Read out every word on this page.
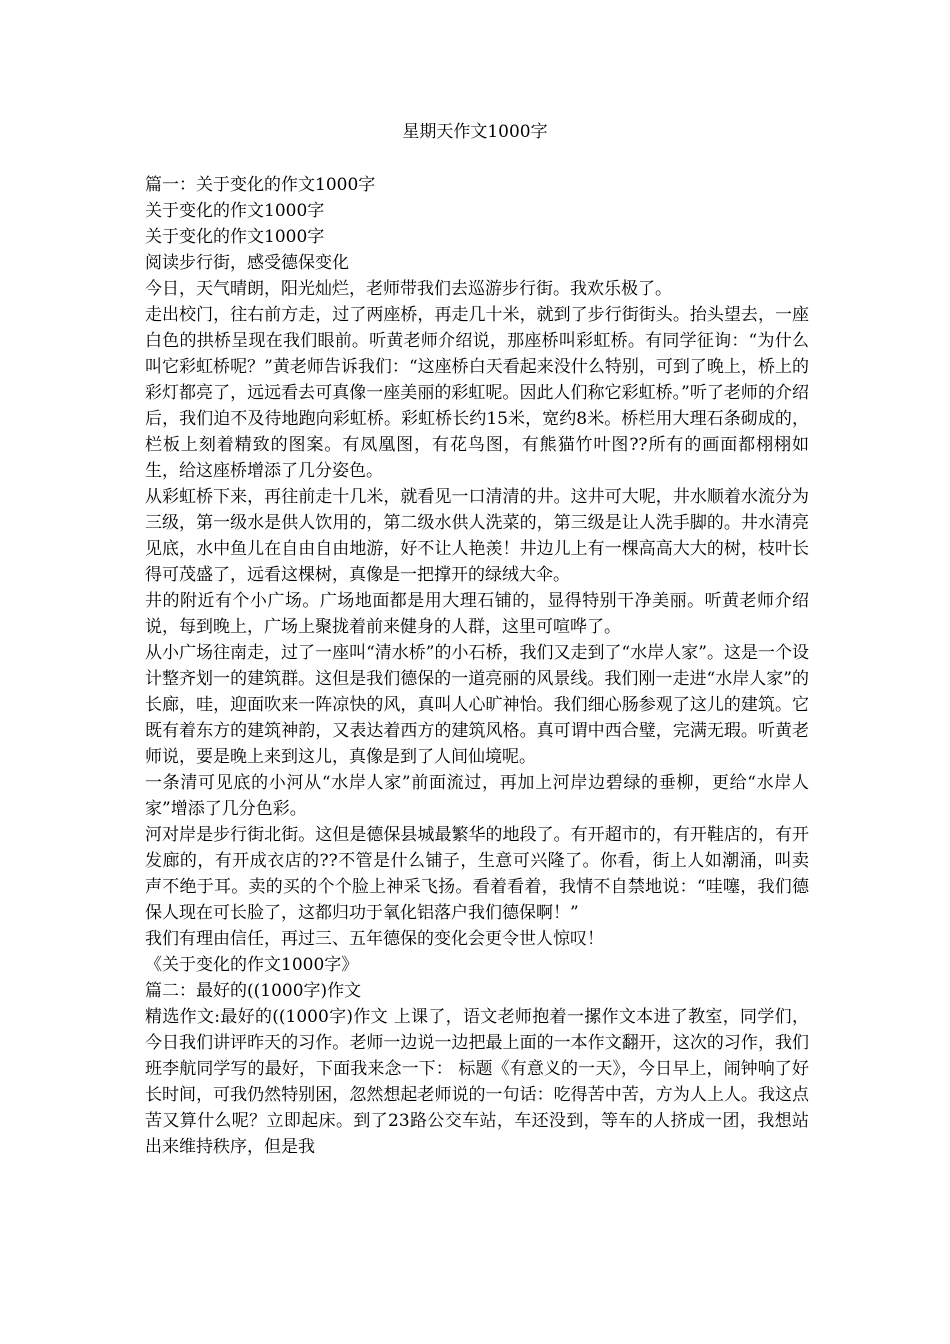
星期天作文1000字

篇一：关于变化的作文1000字

关于变化的作文1000字

关于变化的作文1000字

阅读步行街，感受德保变化

今日，天气晴朗，阳光灿烂，老师带我们去巡游步行街。我欢乐极了。

走出校门，往右前方走，过了两座桥，再走几十米，就到了步行街街头。抬头望去，一座白色的拱桥呈现在我们眼前。听黄老师介绍说，那座桥叫彩虹桥。有同学征询：“为什么叫它彩虹桥呢？”黄老师告诉我们：“这座桥白天看起来没什么特别，可到了晚上，桥上的彩灯都亮了，远远看去可真像一座美丽的彩虹呢。因此人们称它彩虹桥。”听了老师的介绍后，我们迫不及待地跑向彩虹桥。彩虹桥长约15米，宽约8米。桥栏用大理石条砌成的，栏板上刻着精致的图案。有凤凰图，有花鸟图，有熊猫竹叶图??所有的画面都栩栩如生，给这座桥增添了几分姿色。

从彩虹桥下来，再往前走十几米，就看见一口清清的井。这井可大呢，井水顺着水流分为三级，第一级水是供人饮用的，第二级水供人洗菜的，第三级是让人洗手脚的。井水清亮见底，水中鱼儿在自由自由地游，好不让人艳羡！井边儿上有一棵高高大大的树，枝叶长得可茂盛了，远看这棵树，真像是一把撑开的绿绒大伞。

井的附近有个小广场。广场地面都是用大理石铺的，显得特别干净美丽。听黄老师介绍说，每到晚上，广场上聚拢着前来健身的人群，这里可喧哗了。

从小广场往南走，过了一座叫“清水桥”的小石桥，我们又走到了“水岸人家”。这是一个设计整齐划一的建筑群。这但是我们德保的一道亮丽的风景线。我们刚一走进“水岸人家”的长廊，哇，迎面吹来一阵凉快的风，真叫人心旷神怡。我们细心肠参观了这儿的建筑。它既有着东方的建筑神韵，又表达着西方的建筑风格。真可谓中西合璧，完满无瑕。听黄老师说，要是晚上来到这儿，真像是到了人间仙境呢。

一条清可见底的小河从“水岸人家”前面流过，再加上河岸边碧绿的垂柳，更给“水岸人家”增添了几分色彩。

河对岸是步行街北街。这但是德保县城最繁华的地段了。有开超市的，有开鞋店的，有开发廊的，有开成衣店的??不管是什么铺子，生意可兴隆了。你看，街上人如潮涌，叫卖声不绝于耳。卖的买的个个脸上神采飞扬。看着看着，我情不自禁地说：“哇噻，我们德保人现在可长脸了，这都归功于氧化铝落户我们德保啊！”

我们有理由信任，再过三、五年德保的变化会更令世人惊叹！

《关于变化的作文1000字》

篇二：最好的((1000字)作文

精选作文:最好的((1000字)作文 上课了，语文老师抱着一摞作文本进了教室，同学们，今日我们讲评昨天的习作。老师一边说一边把最上面的一本作文翻开，这次的习作，我们班李航同学写的最好，下面我来念一下： 标题《有意义的一天》，今日早上，闹钟响了好长时间，可我仍然特别困，忽然想起老师说的一句话：吃得苦中苦，方为人上人。我这点苦又算什么呢？立即起床。到了23路公交车站，车还没到，等车的人挤成一团，我想站出来维持秩序，但是我
